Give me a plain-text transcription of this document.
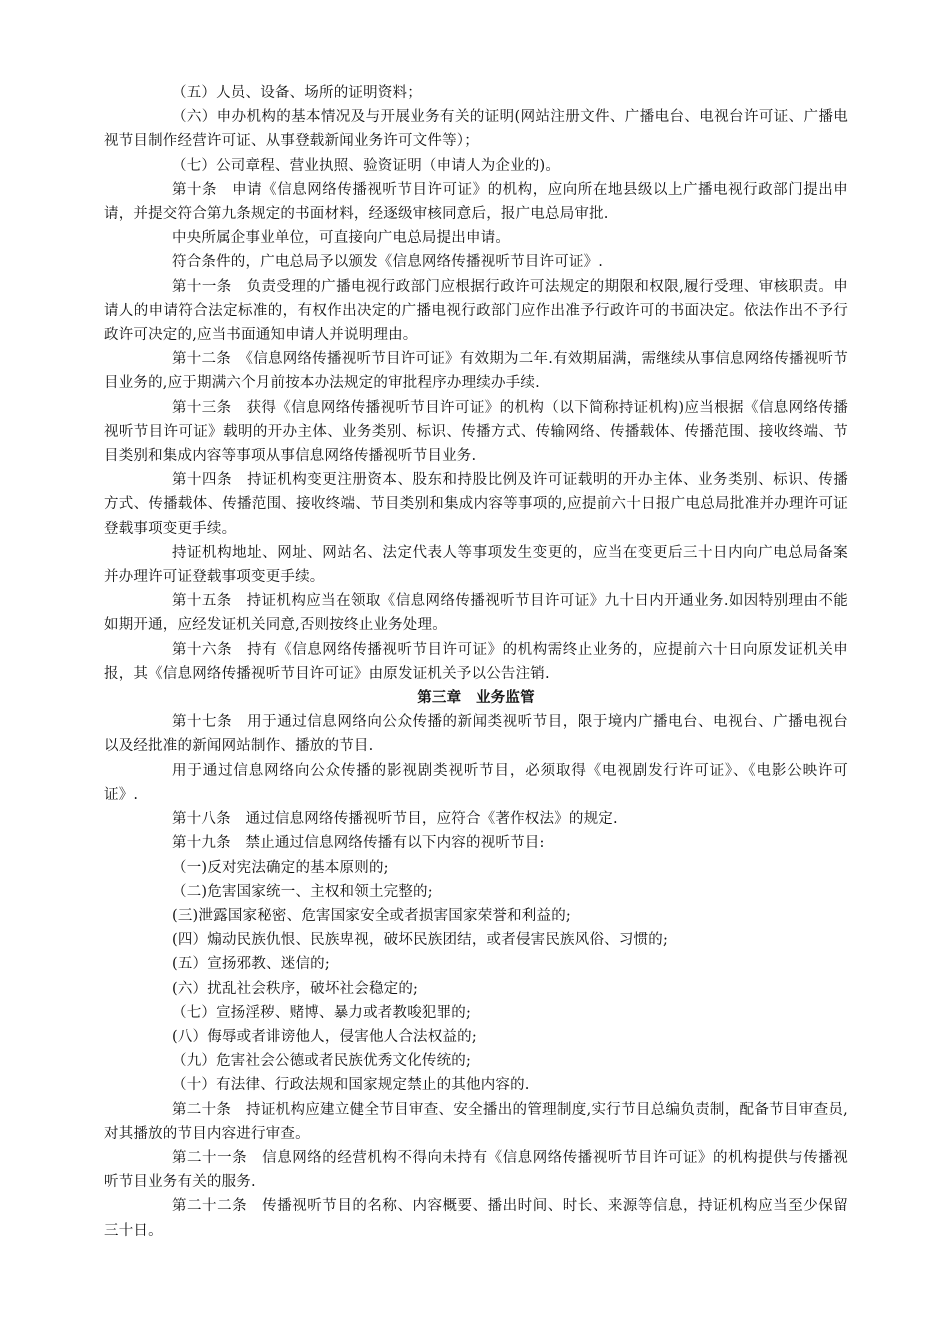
（五）人员、设备、场所的证明资料；

（六）申办机构的基本情况及与开展业务有关的证明(网站注册文件、广播电台、电视台许可证、广播电视节目制作经营许可证、从事登载新闻业务许可文件等）；

（七）公司章程、营业执照、验资证明（申请人为企业的)。

第十条　申请《信息网络传播视听节目许可证》的机构，应向所在地县级以上广播电视行政部门提出申请，并提交符合第九条规定的书面材料，经逐级审核同意后，报广电总局审批.

中央所属企事业单位，可直接向广电总局提出申请。

符合条件的，广电总局予以颁发《信息网络传播视听节目许可证》.

第十一条　负责受理的广播电视行政部门应根据行政许可法规定的期限和权限,履行受理、审核职责。申请人的申请符合法定标准的，有权作出决定的广播电视行政部门应作出准予行政许可的书面决定。依法作出不予行政许可决定的,应当书面通知申请人并说明理由。

第十二条　《信息网络传播视听节目许可证》有效期为二年.有效期届满，需继续从事信息网络传播视听节目业务的,应于期满六个月前按本办法规定的审批程序办理续办手续.

第十三条　获得《信息网络传播视听节目许可证》的机构（以下简称持证机构)应当根据《信息网络传播视听节目许可证》载明的开办主体、业务类别、标识、传播方式、传输网络、传播载体、传播范围、接收终端、节目类别和集成内容等事项从事信息网络传播视听节目业务.

第十四条　持证机构变更注册资本、股东和持股比例及许可证载明的开办主体、业务类别、标识、传播方式、传播载体、传播范围、接收终端、节目类别和集成内容等事项的,应提前六十日报广电总局批准并办理许可证登载事项变更手续。

持证机构地址、网址、网站名、法定代表人等事项发生变更的，应当在变更后三十日内向广电总局备案并办理许可证登载事项变更手续。

第十五条　持证机构应当在领取《信息网络传播视听节目许可证》九十日内开通业务.如因特别理由不能如期开通，应经发证机关同意,否则按终止业务处理。

第十六条　持有《信息网络传播视听节目许可证》的机构需终止业务的，应提前六十日向原发证机关申报，其《信息网络传播视听节目许可证》由原发证机关予以公告注销.

第三章　业务监管

第十七条　用于通过信息网络向公众传播的新闻类视听节目，限于境内广播电台、电视台、广播电视台以及经批准的新闻网站制作、播放的节目.

用于通过信息网络向公众传播的影视剧类视听节目，必须取得《电视剧发行许可证》、《电影公映许可证》.

第十八条　通过信息网络传播视听节目，应符合《著作权法》的规定.

第十九条　禁止通过信息网络传播有以下内容的视听节目:

（一)反对宪法确定的基本原则的;

（二)危害国家统一、主权和领土完整的;

(三)泄露国家秘密、危害国家安全或者损害国家荣誉和利益的;

(四）煽动民族仇恨、民族卑视，破坏民族团结，或者侵害民族风俗、习惯的;

(五）宣扬邪教、迷信的;

(六）扰乱社会秩序，破坏社会稳定的;

（七）宣扬淫秽、赌博、暴力或者教唆犯罪的;

(八）侮辱或者诽谤他人，侵害他人合法权益的;

（九）危害社会公德或者民族优秀文化传统的;

（十）有法律、行政法规和国家规定禁止的其他内容的.

第二十条　持证机构应建立健全节目审查、安全播出的管理制度,实行节目总编负责制，配备节目审查员,对其播放的节目内容进行审查。

第二十一条　信息网络的经营机构不得向未持有《信息网络传播视听节目许可证》的机构提供与传播视听节目业务有关的服务.

第二十二条　传播视听节目的名称、内容概要、播出时间、时长、来源等信息，持证机构应当至少保留三十日。
